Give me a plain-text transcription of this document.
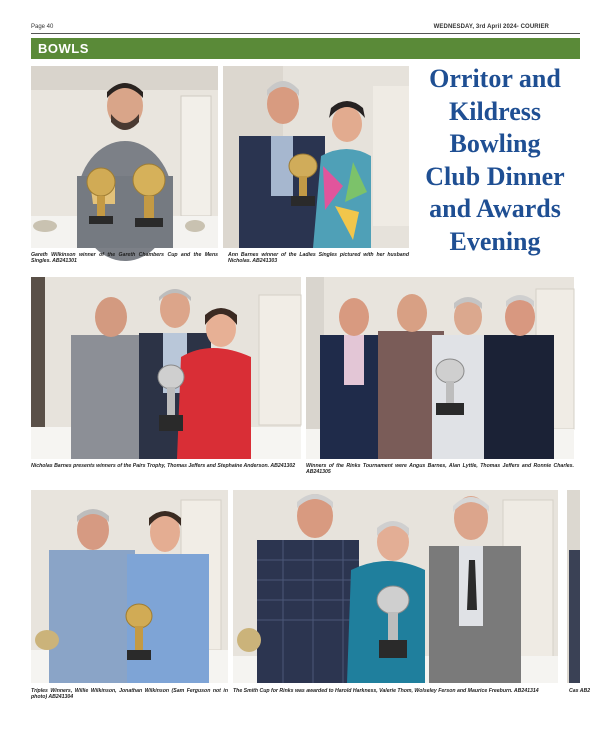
Page 40	WEDNESDAY, 3rd April 2024- COURIER
BOWLS
Orritor and
Kildress
Bowling
Club Dinner
and Awards
Evening
Gareth Wilkinson winner of the Gareth Chambers Cup and the Mens Singles. AB241301
Ann Barnes winner of the Ladies Singles pictured with her husband Nicholas. AB241303
Nicholas Barnes presents winners of the Pairs Trophy, Thomas Jeffers and Stephaine Anderson. AB241302	Winners of the Rinks Tournament were Angus Barnes, Alan Lyttle, Thomas Jeffers and Ronnie Charles. AB241305
Triples Winners, Willie Wilkinson, Jonathan Wilkinson (Sam Ferguson not in photo) AB241304
The Smith Cup for Rinks was awarded to Harold Harkness, Valerie Thom, Wolseley Ferson and Maurice Freeburn. AB241314	Cas AB2
